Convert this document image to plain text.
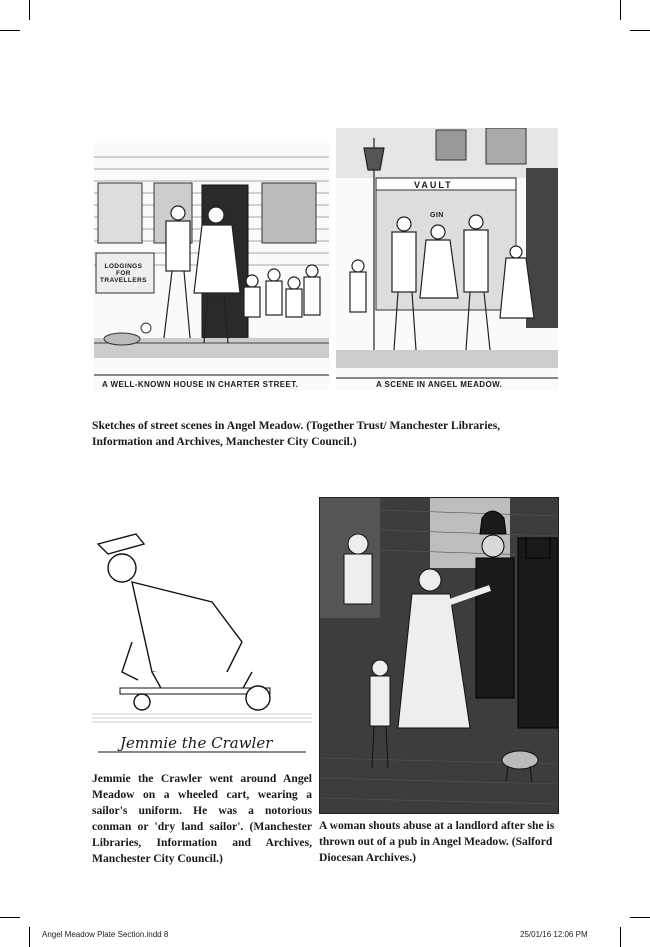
LODGINGS
FOR
TRAVELLERS
A WELL-KNOWN HOUSE IN CHARTER STREET.
VAULT
GIN
A SCENE IN ANGEL MEADOW.

Sketches of street scenes in Angel Meadow. (Together Trust/ Manchester Libraries, Information and Archives, Manchester City Council.)

Jemmie the Crawler

Jemmie the Crawler went around Angel Meadow on a wheeled cart, wearing a sailor's uniform. He was a notorious conman or 'dry land sailor'. (Manchester Libraries, Information and Archives, Manchester City Council.)

A woman shouts abuse at a landlord after she is thrown out of a pub in Angel Meadow. (Salford Diocesan Archives.)

Angel Meadow Plate Section.indd 8	25/01/16 12:06 PM
